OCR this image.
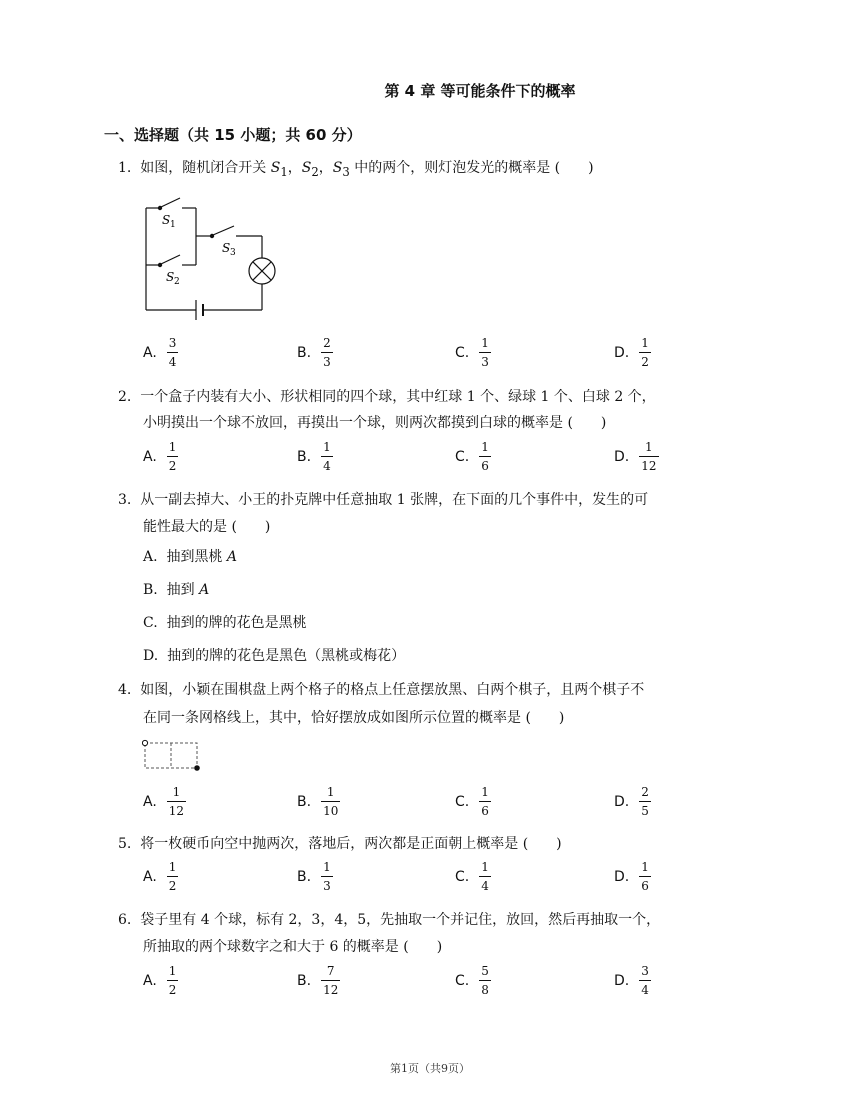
第 4 章 等可能条件下的概率
一、选择题（共 15 小题；共 60 分）
1. 如图，随机闭合开关 $S_1$，$S_2$，$S_3$ 中的两个，则灯泡发光的概率是 (　　)
S 1
S 2
S 3
A. $\frac{3}{4}$	B. $\frac{2}{3}$	C. $\frac{1}{3}$	D. $\frac{1}{2}$
2. 一个盒子内装有大小、形状相同的四个球，其中红球 1 个、绿球 1 个、白球 2 个，
小明摸出一个球不放回，再摸出一个球，则两次都摸到白球的概率是 (　　)
A. $\frac{1}{2}$	B. $\frac{1}{4}$	C. $\frac{1}{6}$	D. $\frac{1}{12}$
3. 从一副去掉大、小王的扑克牌中任意抽取 1 张牌，在下面的几个事件中，发生的可
能性最大的是 (　　)
A. 抽到黑桃 A
B. 抽到 A
C. 抽到的牌的花色是黑桃
D. 抽到的牌的花色是黑色（黑桃或梅花）
4. 如图，小颖在围棋盘上两个格子的格点上任意摆放黑、白两个棋子，且两个棋子不
在同一条网格线上，其中，恰好摆放成如图所示位置的概率是 (　　)
A. $\frac{1}{12}$	B. $\frac{1}{10}$	C. $\frac{1}{6}$	D. $\frac{2}{5}$
5. 将一枚硬币向空中抛两次，落地后，两次都是正面朝上概率是 (　　)
A. $\frac{1}{2}$	B. $\frac{1}{3}$	C. $\frac{1}{4}$	D. $\frac{1}{6}$
6. 袋子里有 4 个球，标有 2，3，4，5，先抽取一个并记住，放回，然后再抽取一个，
所抽取的两个球数字之和大于 6 的概率是 (　　)
A. $\frac{1}{2}$	B. $\frac{7}{12}$	C. $\frac{5}{8}$	D. $\frac{3}{4}$
第1页（共9页）
